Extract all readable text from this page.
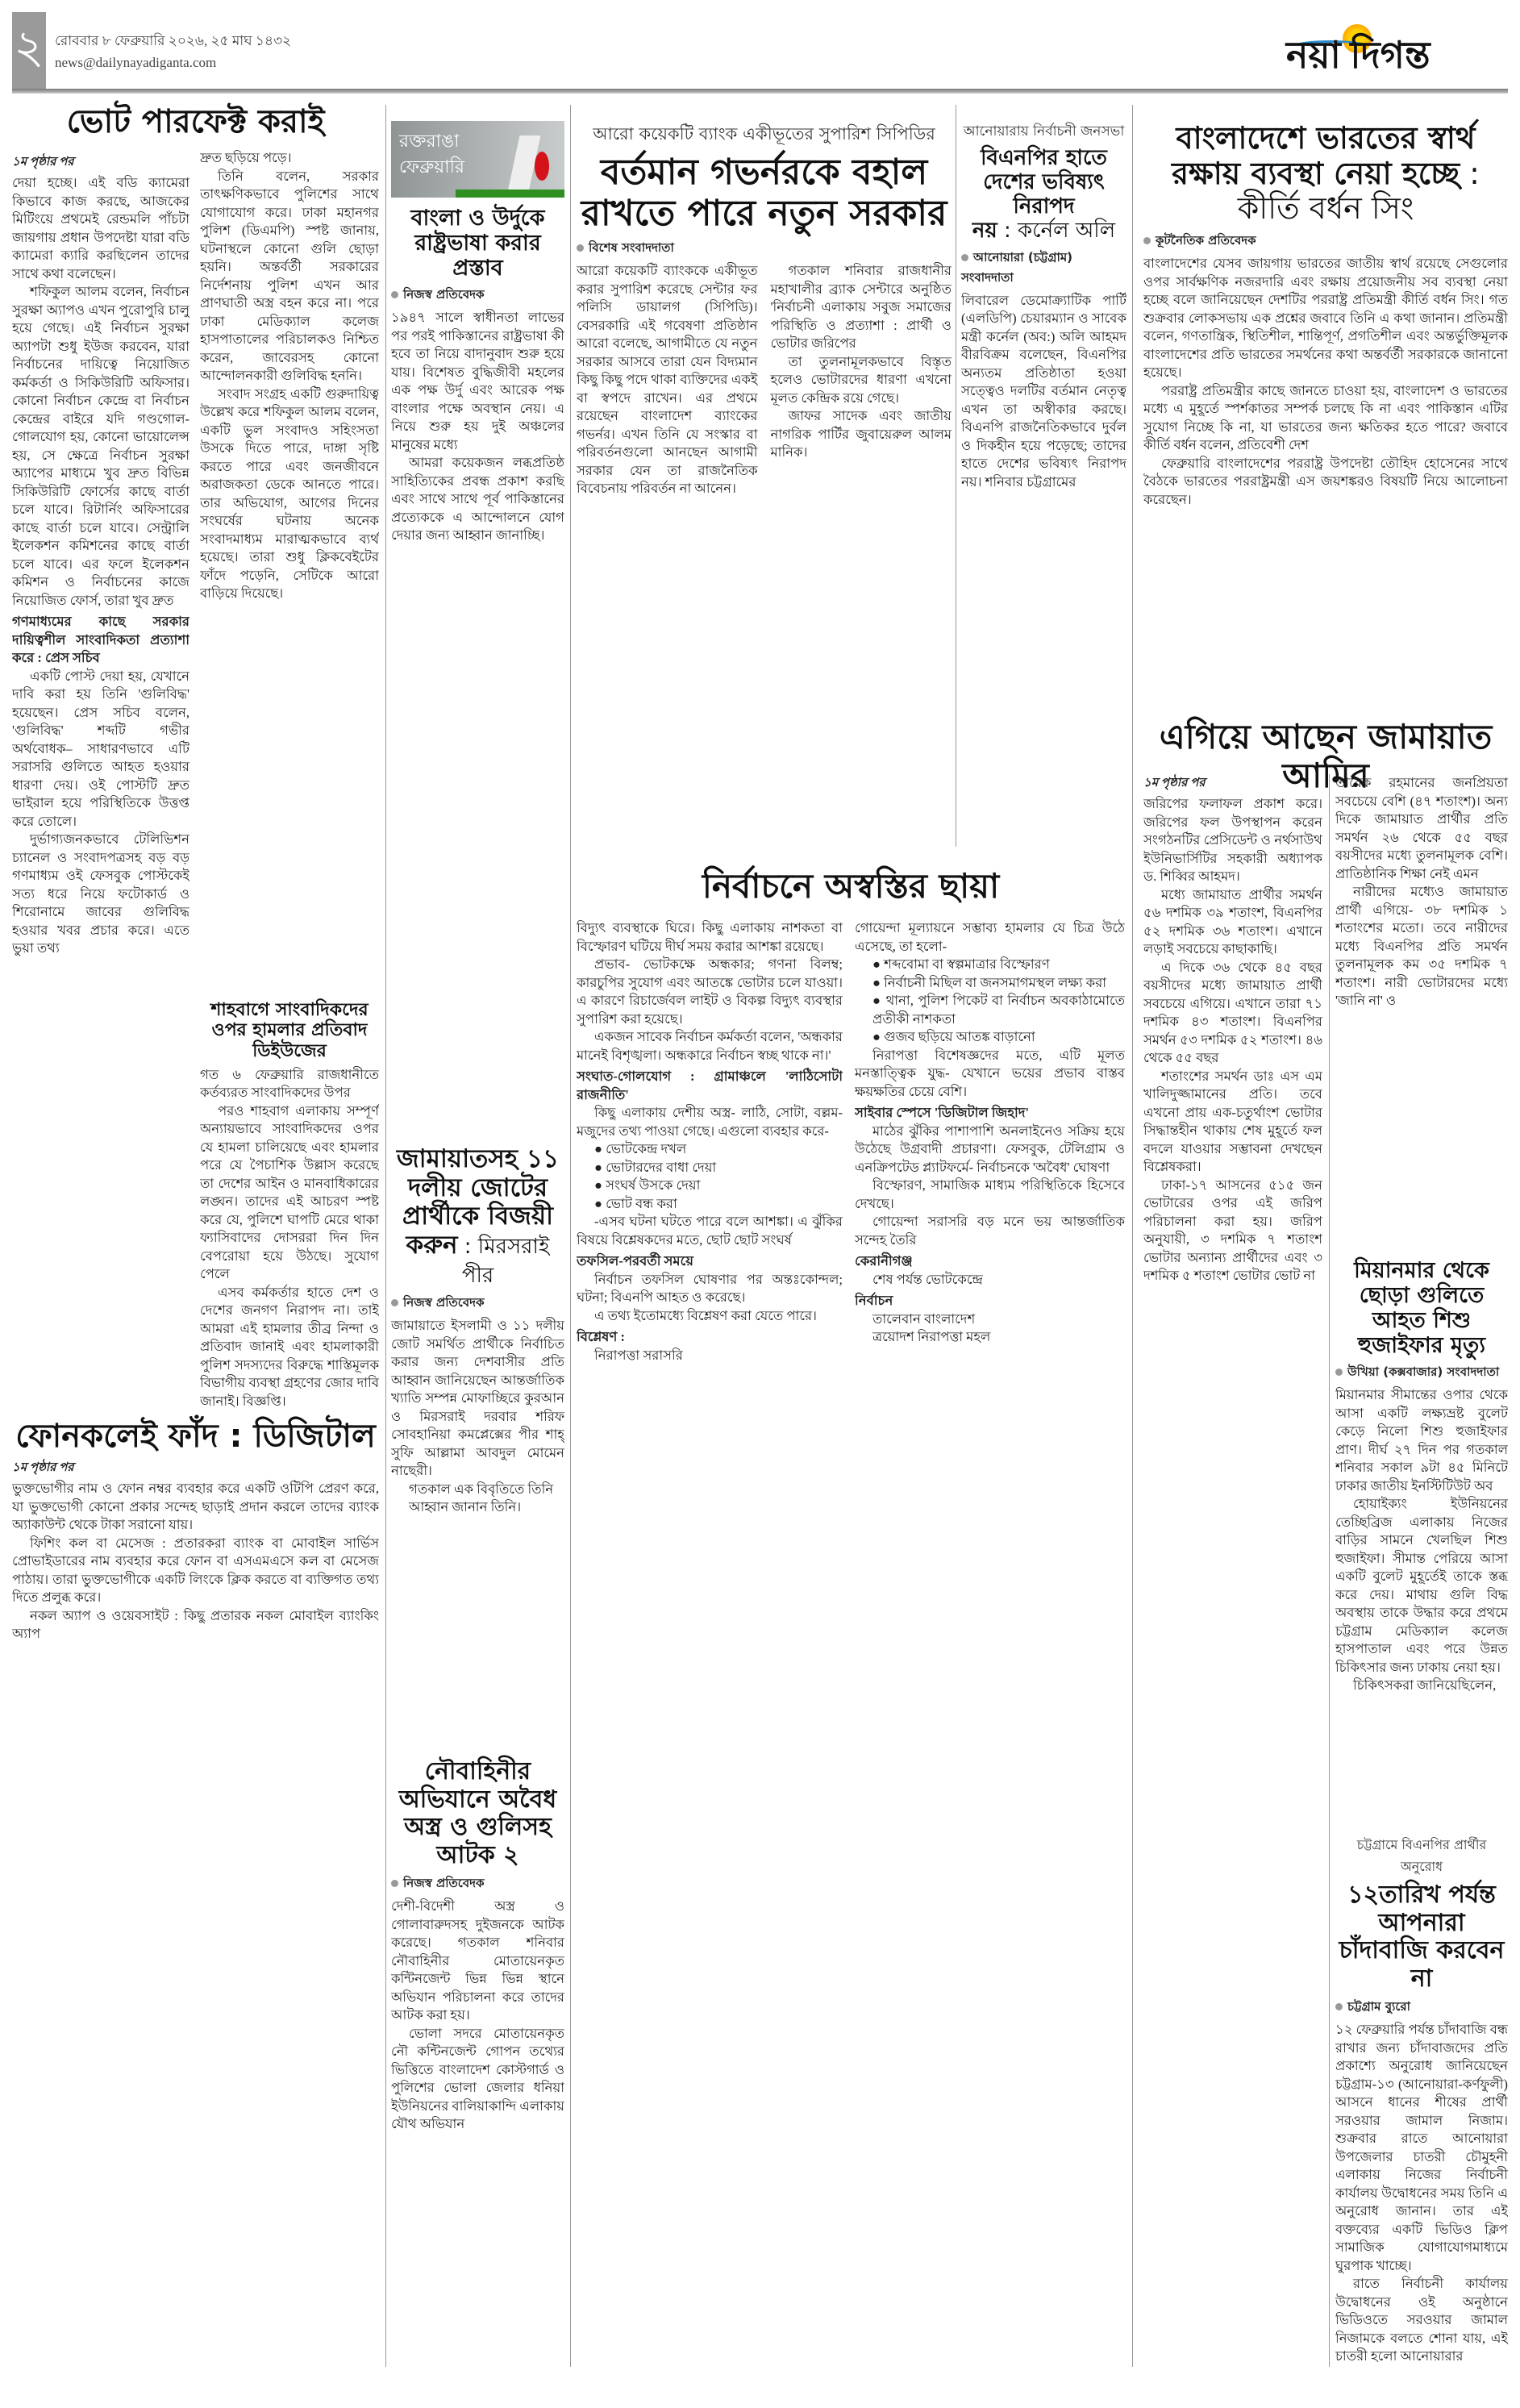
২ রোববার ৮ ফেব্রুয়ারি ২০২৬, ২৫ মাঘ ১৪৩২
news@dailynayadiganta.com	নয়া দিগন্ত
ভোট পারফেক্ট করাই
১ম পৃষ্ঠার পর

দেয়া হচ্ছে। এই বডি ক্যামেরা কিভাবে কাজ করছে, আজকের মিটিংয়ে প্রথমেই রেন্ডমলি পাঁচটা জায়গায় প্রধান উপদেষ্টা যারা বডি ক্যামেরা ক্যারি করছিলেন তাদের সাথে কথা বলেছেন।

শফিকুল আলম বলেন, নির্বাচন সুরক্ষা অ্যাপও এখন পুরোপুরি চালু হয়ে গেছে। এই নির্বাচন সুরক্ষা অ্যাপটা শুধু ইউজ করবেন, যারা নির্বাচনের দায়িত্বে নিয়োজিত কর্মকর্তা ও সিকিউরিটি অফিসার। কোনো নির্বাচন কেন্দ্রে বা নির্বাচন কেন্দ্রের বাইরে যদি গণ্ডগোল-গোলযোগ হয়, কোনো ভায়োলেন্স হয়, সে ক্ষেত্রে নির্বাচন সুরক্ষা অ্যাপের মাধ্যমে খুব দ্রুত বিভিন্ন সিকিউরিটি ফোর্সের কাছে বার্তা চলে যাবে। রিটার্নিং অফিসারের কাছে বার্তা চলে যাবে। সেন্ট্রালি ইলেকশন কমিশনের কাছে বার্তা চলে যাবে। এর ফলে ইলেকশন কমিশন ও নির্বাচনের কাজে নিয়োজিত ফোর্স, তারা খুব দ্রুত

গণমাধ্যমের কাছে সরকার দায়িত্বশীল সাংবাদিকতা প্রত্যাশা করে : প্রেস সচিব

একটি পোস্ট দেয়া হয়, যেখানে দাবি করা হয় তিনি 'গুলিবিদ্ধ' হয়েছেন। প্রেস সচিব বলেন, 'গুলিবিদ্ধ' শব্দটি গভীর অর্থবোধক– সাধারণভাবে এটি সরাসরি গুলিতে আহত হওয়ার ধারণা দেয়। ওই পোস্টটি দ্রুত ভাইরাল হয়ে পরিস্থিতিকে উত্তপ্ত করে তোলে।

দুর্ভাগ্যজনকভাবে টেলিভিশন চ্যানেল ও সংবাদপত্রসহ বড় বড় গণমাধ্যম ওই ফেসবুক পোস্টকেই সত্য ধরে নিয়ে ফটোকার্ড ও শিরোনামে জাবের গুলিবিদ্ধ হওয়ার খবর প্রচার করে। এতে ভুয়া তথ্য

দ্রুত ছড়িয়ে পড়ে।

তিনি বলেন, সরকার তাৎক্ষণিকভাবে পুলিশের সাথে যোগাযোগ করে। ঢাকা মহানগর পুলিশ (ডিএমপি) স্পষ্ট জানায়, ঘটনাস্থলে কোনো গুলি ছোড়া হয়নি। অন্তর্বর্তী সরকারের নির্দেশনায় পুলিশ এখন আর প্রাণঘাতী অস্ত্র বহন করে না। পরে ঢাকা মেডিক্যাল কলেজ হাসপাতালের পরিচালকও নিশ্চিত করেন, জাবেরসহ কোনো আন্দোলনকারী গুলিবিদ্ধ হননি।

সংবাদ সংগ্রহ একটি গুরুদায়িত্ব উল্লেখ করে শফিকুল আলম বলেন, একটি ভুল সংবাদও সহিংসতা উসকে দিতে পারে, দাঙ্গা সৃষ্টি করতে পারে এবং জনজীবনে অরাজকতা ডেকে আনতে পারে। তার অভিযোগ, আগের দিনের সংঘর্ষের ঘটনায় অনেক সংবাদমাধ্যম মারাত্মকভাবে ব্যর্থ হয়েছে। তারা শুধু ক্লিকবেইটের ফাঁদে পড়েনি, সেটিকে আরো বাড়িয়ে দিয়েছে।

শাহবাগে সাংবাদিকদের ওপর হামলার প্রতিবাদ ডিইউজের

গত ৬ ফেব্রুয়ারি রাজধানীতে কর্তব্যরত সাংবাদিকদের উপর

পরও শাহবাগ এলাকায় সম্পূর্ণ অন্যায়ভাবে সাংবাদিকদের ওপর যে হামলা চালিয়েছে এবং হামলার পরে যে পৈচাশিক উল্লাস করেছে তা দেশের আইন ও মানবাধিকারের লঙ্ঘন। তাদের এই আচরণ স্পষ্ট করে যে, পুলিশে ঘাপটি মেরে থাকা ফ্যাসিবাদের দোসররা দিন দিন বেপরোয়া হয়ে উঠছে। সুযোগ পেলে

এসব কর্মকর্তার হাতে দেশ ও দেশের জনগণ নিরাপদ না। তাই আমরা এই হামলার তীব্র নিন্দা ও প্রতিবাদ জানাই এবং হামলাকারী পুলিশ সদস্যদের বিরুদ্ধে শাস্তিমূলক বিভাগীয় ব্যবস্থা গ্রহণের জোর দাবি জানাই। বিজ্ঞপ্তি।

ফোনকলেই ফাঁদ : ডিজিটাল
১ম পৃষ্ঠার পর

ভুক্তভোগীর নাম ও ফোন নম্বর ব্যবহার করে একটি ওটিপি প্রেরণ করে, যা ভুক্তভোগী কোনো প্রকার সন্দেহ ছাড়াই প্রদান করলে তাদের ব্যাংক অ্যাকাউন্ট থেকে টাকা সরানো যায়।

ফিশিং কল বা মেসেজ : প্রতারকরা ব্যাংক বা মোবাইল সার্ভিস প্রোভাইডারের নাম ব্যবহার করে ফোন বা এসএমএসে কল বা মেসেজ পাঠায়। তারা ভুক্তভোগীকে একটি লিংকে ক্লিক করতে বা ব্যক্তিগত তথ্য দিতে প্রলুব্ধ করে।

নকল অ্যাপ ও ওয়েবসাইট : কিছু প্রতারক নকল মোবাইল ব্যাংকিং অ্যাপ

রক্তরাঙা ফেব্রুয়ারি
বাংলা ও উর্দুকে রাষ্ট্রভাষা করার প্রস্তাব
নিজস্ব প্রতিবেদক

১৯৪৭ সালে স্বাধীনতা লাভের পর পরই পাকিস্তানের রাষ্ট্রভাষা কী হবে তা নিয়ে বাদানুবাদ শুরু হয়ে যায়। বিশেষত বুদ্ধিজীবী মহলের এক পক্ষ উর্দু এবং আরেক পক্ষ বাংলার পক্ষে অবস্থান নেয়। এ নিয়ে শুরু হয় দুই অঞ্চলের মানুষের মধ্যে

আমরা কয়েকজন লব্ধপ্রতিষ্ঠ সাহিত্যিকের প্রবন্ধ প্রকাশ করছি এবং সাথে সাথে পূর্ব পাকিস্তানের প্রত্যেককে এ আন্দোলনে যোগ দেয়ার জন্য আহ্বান জানাচ্ছি।

জামায়াতসহ ১১ দলীয় জোটের প্রার্থীকে বিজয়ী
করুন : মিরসরাই পীর
নিজস্ব প্রতিবেদক

জামায়াতে ইসলামী ও ১১ দলীয় জোট সমর্থিত প্রার্থীকে নির্বাচিত করার জন্য দেশবাসীর প্রতি আহ্বান জানিয়েছেন আন্তর্জাতিক খ্যাতি সম্পন্ন মোফাচ্ছিরে কুরআন ও মিরসরাই দরবার শরিফ সোবহানিয়া কমপ্লেক্সের পীর শাহ্ সুফি আল্লামা আবদুল মোমেন নাছেরী।

গতকাল এক বিবৃতিতে তিনি

আহ্বান জানান তিনি।

নৌবাহিনীর অভিযানে অবৈধ অস্ত্র ও গুলিসহ আটক ২
নিজস্ব প্রতিবেদক

দেশী-বিদেশী অস্ত্র ও গোলাবারুদসহ দুইজনকে আটক করেছে। গতকাল শনিবার নৌবাহিনীর মোতায়েনকৃত কন্টিনজেন্ট ভিন্ন ভিন্ন স্থানে অভিযান পরিচালনা করে তাদের আটক করা হয়।

ভোলা সদরে মোতায়েনকৃত নৌ কন্টিনজেন্ট গোপন তথ্যের ভিত্তিতে বাংলাদেশ কোস্টগার্ড ও পুলিশের ভোলা জেলার ধনিয়া ইউনিয়নের বালিয়াকান্দি এলাকায় যৌথ অভিযান

আরো কয়েকটি ব্যাংক একীভূতের সুপারিশ সিপিডির
বর্তমান গভর্নরকে বহাল রাখতে পারে নতুন সরকার
বিশেষ সংবাদদাতা

আরো কয়েকটি ব্যাংককে একীভূত করার সুপারিশ করেছে সেন্টার ফর পলিসি ডায়ালগ (সিপিডি)। বেসরকারি এই গবেষণা প্রতিষ্ঠান আরো বলেছে, আগামীতে যে নতুন সরকার আসবে তারা যেন বিদ্যমান কিছু কিছু পদে থাকা ব্যক্তিদের একই বা স্বপদে রাখেন। এর প্রথমে রয়েছেন বাংলাদেশ ব্যাংকের গভর্নর। এখন তিনি যে সংস্কার বা পরিবর্তনগুলো আনছেন আগামী সরকার যেন তা রাজনৈতিক বিবেচনায় পরিবর্তন না আনেন।

গতকাল শনিবার রাজধানীর মহাখালীর ব্র্যাক সেন্টারে অনুষ্ঠিত 'নির্বাচনী এলাকায় সবুজ সমাজের পরিস্থিতি ও প্রত্যাশা : প্রার্থী ও ভোটার জরিপের

তা তুলনামূলকভাবে বিস্তৃত হলেও ভোটারদের ধারণা এখনো মূলত কেন্দ্রিক রয়ে গেছে।

জাফর সাদেক এবং জাতীয় নাগরিক পার্টির জুবায়েরুল আলম মানিক।

আনোয়ারায় নির্বাচনী জনসভা
বিএনপির হাতে দেশের ভবিষ্যৎ নিরাপদ
নয় : কর্নেল অলি
আনোয়ারা (চট্টগ্রাম) সংবাদদাতা

লিবারেল ডেমোক্র্যাটিক পার্টি (এলডিপি) চেয়ারম্যান ও সাবেক মন্ত্রী কর্নেল (অব:) অলি আহমদ বীরবিক্রম বলেছেন, বিএনপির অন্যতম প্রতিষ্ঠাতা হওয়া সত্ত্বেও দলটির বর্তমান নেতৃত্ব এখন তা অস্বীকার করছে। বিএনপি রাজনৈতিকভাবে দুর্বল ও দিকহীন হয়ে পড়েছে; তাদের হাতে দেশের ভবিষ্যৎ নিরাপদ নয়। শনিবার চট্টগ্রামের

বাংলাদেশে ভারতের স্বার্থ রক্ষায় ব্যবস্থা নেয়া হচ্ছে : কীর্তি বর্ধন সিং
কূটনৈতিক প্রতিবেদক

বাংলাদেশের যেসব জায়গায় ভারতের জাতীয় স্বার্থ রয়েছে সেগুলোর ওপর সার্বক্ষণিক নজরদারি এবং রক্ষায় প্রয়োজনীয় সব ব্যবস্থা নেয়া হচ্ছে বলে জানিয়েছেন দেশটির পররাষ্ট্র প্রতিমন্ত্রী কীর্তি বর্ধন সিং। গত শুক্রবার লোকসভায় এক প্রশ্নের জবাবে তিনি এ কথা জানান। প্রতিমন্ত্রী বলেন, গণতান্ত্রিক, স্থিতিশীল, শান্তিপূর্ণ, প্রগতিশীল এবং অন্তর্ভুক্তিমূলক বাংলাদেশের প্রতি ভারতের সমর্থনের কথা অন্তর্বর্তী সরকারকে জানানো হয়েছে।

পররাষ্ট্র প্রতিমন্ত্রীর কাছে জানতে চাওয়া হয়, বাংলাদেশ ও ভারতের মধ্যে এ মুহূর্তে স্পর্শকাতর সম্পর্ক চলছে কি না এবং পাকিস্তান এটির সুযোগ নিচ্ছে কি না, যা ভারতের জন্য ক্ষতিকর হতে পারে? জবাবে কীর্তি বর্ধন বলেন, প্রতিবেশী দেশ

ফেব্রুয়ারি বাংলাদেশের পররাষ্ট্র উপদেষ্টা তৌহিদ হোসেনের সাথে বৈঠকে ভারতের পররাষ্ট্রমন্ত্রী এস জয়শঙ্করও বিষয়টি নিয়ে আলোচনা করেছেন।

এগিয়ে আছেন জামায়াত আমির
১ম পৃষ্ঠার পর

জরিপের ফলাফল প্রকাশ করে। জরিপের ফল উপস্থাপন করেন সংগঠনটির প্রেসিডেন্ট ও নর্থসাউথ ইউনিভার্সিটির সহকারী অধ্যাপক ড. শিব্বির আহমদ।

মধ্যে জামায়াত প্রার্থীর সমর্থন ৫৬ দশমিক ৩৯ শতাংশ, বিএনপির ৫২ দশমিক ৩৬ শতাংশ। এখানে লড়াই সবচেয়ে কাছাকাছি।

এ দিকে ৩৬ থেকে ৪৫ বছর বয়সীদের মধ্যে জামায়াত প্রার্থী সবচেয়ে এগিয়ে। এখানে তারা ৭১ দশমিক ৪৩ শতাংশ। বিএনপির সমর্থন ৫৩ দশমিক ৫২ শতাংশ। ৪৬ থেকে ৫৫ বছর

শতাংশের সমর্থন ডাঃ এস এম খালিদুজ্জামানের প্রতি। তবে এখনো প্রায় এক-চতুর্থাংশ ভোটার সিদ্ধান্তহীন থাকায় শেষ মুহূর্তে ফল বদলে যাওয়ার সম্ভাবনা দেখছেন বিশ্লেষকরা।

ঢাকা-১৭ আসনের ৫১৫ জন ভোটারের ওপর এই জরিপ পরিচালনা করা হয়। জরিপ অনুযায়ী, ৩ দশমিক ৭ শতাংশ ভোটার অন্যান্য প্রার্থীদের এবং ৩ দশমিক ৫ শতাংশ ভোটার ভোট না

তারেক রহমানের জনপ্রিয়তা সবচেয়ে বেশি (৪৭ শতাংশ)। অন্য দিকে জামায়াত প্রার্থীর প্রতি সমর্থন ২৬ থেকে ৫৫ বছর বয়সীদের মধ্যে তুলনামূলক বেশি। প্রাতিষ্ঠানিক শিক্ষা নেই এমন

নারীদের মধ্যেও জামায়াত প্রার্থী এগিয়ে- ৩৮ দশমিক ১ শতাংশের মতো। তবে নারীদের মধ্যে বিএনপির প্রতি সমর্থন তুলনামূলক কম ৩৫ দশমিক ৭ শতাংশ। নারী ভোটারদের মধ্যে 'জানি না' ও

মিয়ানমার থেকে ছোড়া গুলিতে আহত শিশু হুজাইফার মৃত্যু
উখিয়া (কক্সবাজার) সংবাদদাতা

মিয়ানমার সীমান্তের ওপার থেকে আসা একটি লক্ষ্যভ্রষ্ট বুলেট কেড়ে নিলো শিশু হুজাইফার প্রাণ। দীর্ঘ ২৭ দিন পর গতকাল শনিবার সকাল ৯টা ৪৫ মিনিটে ঢাকার জাতীয় ইনস্টিটিউট অব

হোয়াইক্যং ইউনিয়নের তেচ্ছিব্রিজ এলাকায় নিজের বাড়ির সামনে খেলছিল শিশু হুজাইফা। সীমান্ত পেরিয়ে আসা একটি বুলেট মুহূর্তেই তাকে স্তব্ধ করে দেয়। মাথায় গুলি বিদ্ধ অবস্থায় তাকে উদ্ধার করে প্রথমে চট্টগ্রাম মেডিক্যাল কলেজ হাসপাতাল এবং পরে উন্নত চিকিৎসার জন্য ঢাকায় নেয়া হয়।

চিকিৎসকরা জানিয়েছিলেন,

চট্টগ্রামে বিএনপির প্রার্থীর অনুরোধ
১২তারিখ পর্যন্ত আপনারা চাঁদাবাজি করবেন না
চট্টগ্রাম ব্যুরো

১২ ফেব্রুয়ারি পর্যন্ত চাঁদাবাজি বন্ধ রাখার জন্য চাঁদাবাজদের প্রতি প্রকাশ্যে অনুরোধ জানিয়েছেন চট্টগ্রাম-১৩ (আনোয়ারা-কর্ণফুলী) আসনে ধানের শীষের প্রার্থী সরওয়ার জামাল নিজাম। শুক্রবার রাতে আনোয়ারা উপজেলার চাতরী চৌমুহনী এলাকায় নিজের নির্বাচনী কার্যালয় উদ্বোধনের সময় তিনি এ অনুরোধ জানান। তার এই বক্তব্যের একটি ভিডিও ক্লিপ সামাজিক যোগাযোগমাধ্যমে ঘুরপাক খাচ্ছে।

রাতে নির্বাচনী কার্যালয় উদ্বোধনের ওই অনুষ্ঠানে ভিডিওতে সরওয়ার জামাল নিজামকে বলতে শোনা যায়, এই চাতরী হলো আনোয়ারার

নির্বাচনে অস্বস্তির ছায়া

বিদ্যুৎ ব্যবস্থাকে ঘিরে। কিছু এলাকায় নাশকতা বা বিস্ফোরণ ঘটিয়ে দীর্ঘ সময় করার আশঙ্কা রয়েছে।

প্রভাব- ভোটকক্ষে অন্ধকার; গণনা বিলম্ব; কারচুপির সুযোগ এবং আতঙ্কে ভোটার চলে যাওয়া। এ কারণে রিচার্জেবল লাইট ও বিকল্প বিদ্যুৎ ব্যবস্থার সুপারিশ করা হয়েছে।

একজন সাবেক নির্বাচন কর্মকর্তা বলেন, 'অন্ধকার মানেই বিশৃঙ্খলা। অন্ধকারে নির্বাচন স্বচ্ছ থাকে না।'

সংঘাত-গোলযোগ : গ্রামাঞ্চলে 'লাঠিসোটা রাজনীতি'

কিছু এলাকায় দেশীয় অস্ত্র- লাঠি, সোটা, বল্লম- মজুদের তথ্য পাওয়া গেছে। এগুলো ব্যবহার করে-

● ভোটকেন্দ্র দখল

● ভোটারদের বাধা দেয়া

● সংঘর্ষ উসকে দেয়া

● ভোট বন্ধ করা

-এসব ঘটনা ঘটতে পারে বলে আশঙ্কা। এ ঝুঁকির বিষয়ে বিশ্লেষকদের মতে, ছোট ছোট সংঘর্ষ

তফসিল-পরবর্তী সময়ে

নির্বাচন তফসিল ঘোষণার পর অন্তঃকোন্দল; ঘটনা; বিএনপি আহত ও করেছে।

এ তথ্য ইতোমধ্যে বিশ্লেষণ করা যেতে পারে।

বিশ্লেষণ :

নিরাপত্তা সরাসরি

গোয়েন্দা মূল্যায়নে সম্ভাব্য হামলার যে চিত্র উঠে এসেছে, তা হলো-

● শব্দবোমা বা স্বল্পমাত্রার বিস্ফোরণ

● নির্বাচনী মিছিল বা জনসমাগমস্থল লক্ষ্য করা

● থানা, পুলিশ পিকেট বা নির্বাচন অবকাঠামোতে প্রতীকী নাশকতা

● গুজব ছড়িয়ে আতঙ্ক বাড়ানো

নিরাপত্তা বিশেষজ্ঞদের মতে, এটি মূলত মনস্তাত্ত্বিক যুদ্ধ- যেখানে ভয়ের প্রভাব বাস্তব ক্ষয়ক্ষতির চেয়ে বেশি।

সাইবার স্পেসে 'ডিজিটাল জিহাদ'

মাঠের ঝুঁকির পাশাপাশি অনলাইনেও সক্রিয় হয়ে উঠেছে উগ্রবাদী প্রচারণা। ফেসবুক, টেলিগ্রাম ও এনক্রিপটেড প্ল্যাটফর্মে- নির্বাচনকে 'অবৈধ' ঘোষণা

বিস্ফোরণ, সামাজিক মাধ্যম পরিস্থিতিকে হিসেবে দেখছে।

গোয়েন্দা সরাসরি বড় মনে ভয় আন্তর্জাতিক সন্দেহ তৈরি

কেরানীগঞ্জ

শেষ পর্যন্ত ভোটকেন্দ্রে

নির্বাচন

তালেবান বাংলাদেশ

ত্রয়োদশ নিরাপত্তা মহল
